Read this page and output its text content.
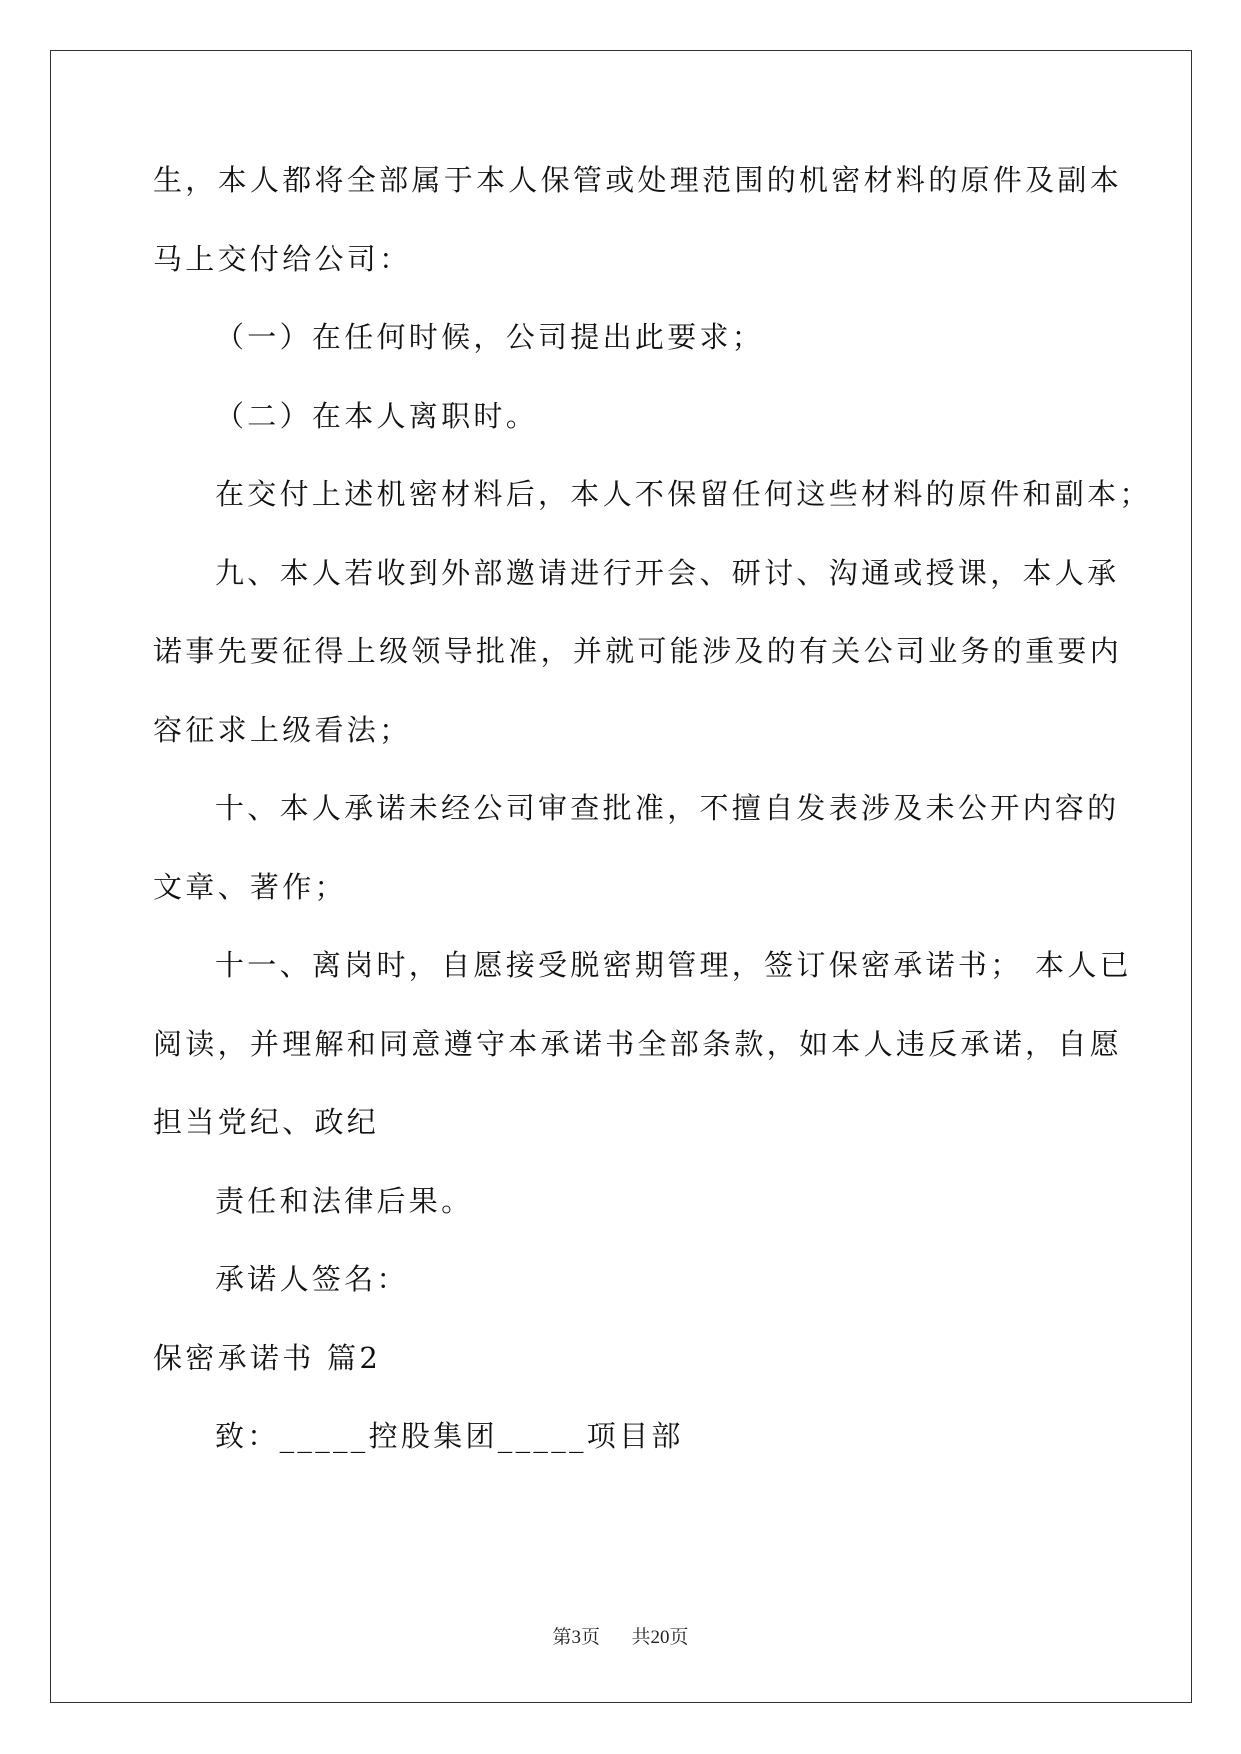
生，本人都将全部属于本人保管或处理范围的机密材料的原件及副本
马上交付给公司：
（一）在任何时候，公司提出此要求；
（二）在本人离职时。
在交付上述机密材料后，本人不保留任何这些材料的原件和副本；
九、本人若收到外部邀请进行开会、研讨、沟通或授课，本人承
诺事先要征得上级领导批准，并就可能涉及的有关公司业务的重要内
容征求上级看法；
十、本人承诺未经公司审查批准，不擅自发表涉及未公开内容的
文章、著作；
十一、离岗时，自愿接受脱密期管理，签订保密承诺书； 本人已
阅读，并理解和同意遵守本承诺书全部条款，如本人违反承诺，自愿
担当党纪、政纪
责任和法律后果。
承诺人签名：
保密承诺书 篇2
致：_____控股集团_____项目部
第3页 共20页
